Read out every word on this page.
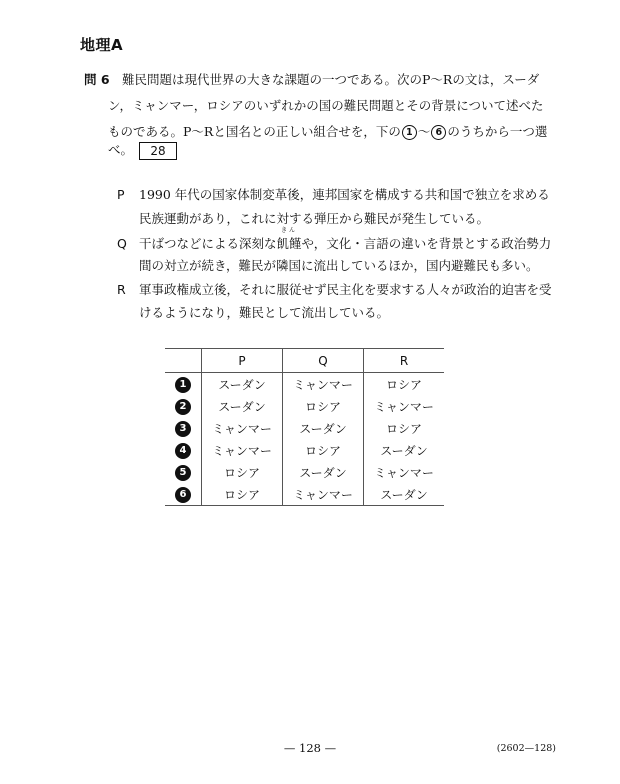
地理A
問 6 難民問題は現代世界の大きな課題の一つである。次のP～Rの文は，スーダ
ン，ミャンマー，ロシアのいずれかの国の難民問題とその背景について述べた
ものである。P～Rと国名との正しい組合せを，下の 1 ～ 6 のうちから一つ選
べ。 28
P 1990 年代の国家体制変革後，連邦国家を構成する共和国で独立を求める
民族運動があり，これに対する弾圧から難民が発生している。
Q 干ばつなどによる深刻な
きん
飢饉や，文化・言語の違いを背景とする政治勢力
間の対立が続き，難民が隣国に流出しているほか，国内避難民も多い。
R 軍事政権成立後，それに服従せず民主化を要求する人々が政治的迫害を受
けるようになり，難民として流出している。
	P	Q	R
1	スーダン	ミャンマー	ロシア
2	スーダン	ロシア	ミャンマー
3	ミャンマー	スーダン	ロシア
4	ミャンマー	ロシア	スーダン
5	ロシア	スーダン	ミャンマー
6	ロシア	ミャンマー	スーダン
— 128 —	(2602—128)
